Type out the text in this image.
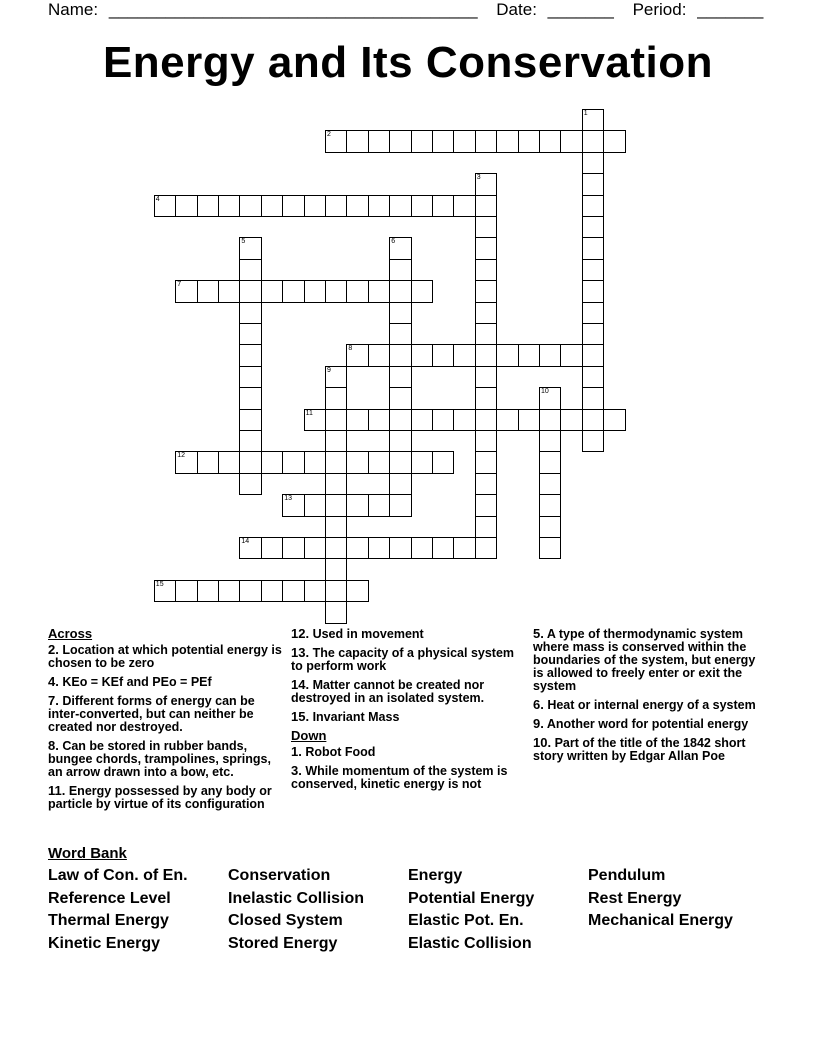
Name: _______________________________________ Date: _______ Period: _______
Energy and Its Conservation
1
2
3
4
5	6
7
8
9
10
11
12
13
14
15
Across
2. Location at which potential energy is chosen to be zero
4. KEo = KEf and PEo = PEf
7. Different forms of energy can be inter-converted, but can neither be created nor destroyed.
8. Can be stored in rubber bands, bungee chords, trampolines, springs, an arrow drawn into a bow, etc.
11. Energy possessed by any body or particle by virtue of its configuration
12. Used in movement
13. The capacity of a physical system to perform work
14. Matter cannot be created nor destroyed in an isolated system.
15. Invariant Mass
Down
1. Robot Food
3. While momentum of the system is conserved, kinetic energy is not
5. A type of thermodynamic system where mass is conserved within the boundaries of the system, but energy is allowed to freely enter or exit the system
6. Heat or internal energy of a system
9. Another word for potential energy
10. Part of the title of the 1842 short story written by Edgar Allan Poe
Word Bank
Law of Con. of En.	Conservation	Energy	Pendulum
Reference Level	Inelastic Collision	Potential Energy	Rest Energy
Thermal Energy	Closed System	Elastic Pot. En.	Mechanical Energy
Kinetic Energy	Stored Energy	Elastic Collision
